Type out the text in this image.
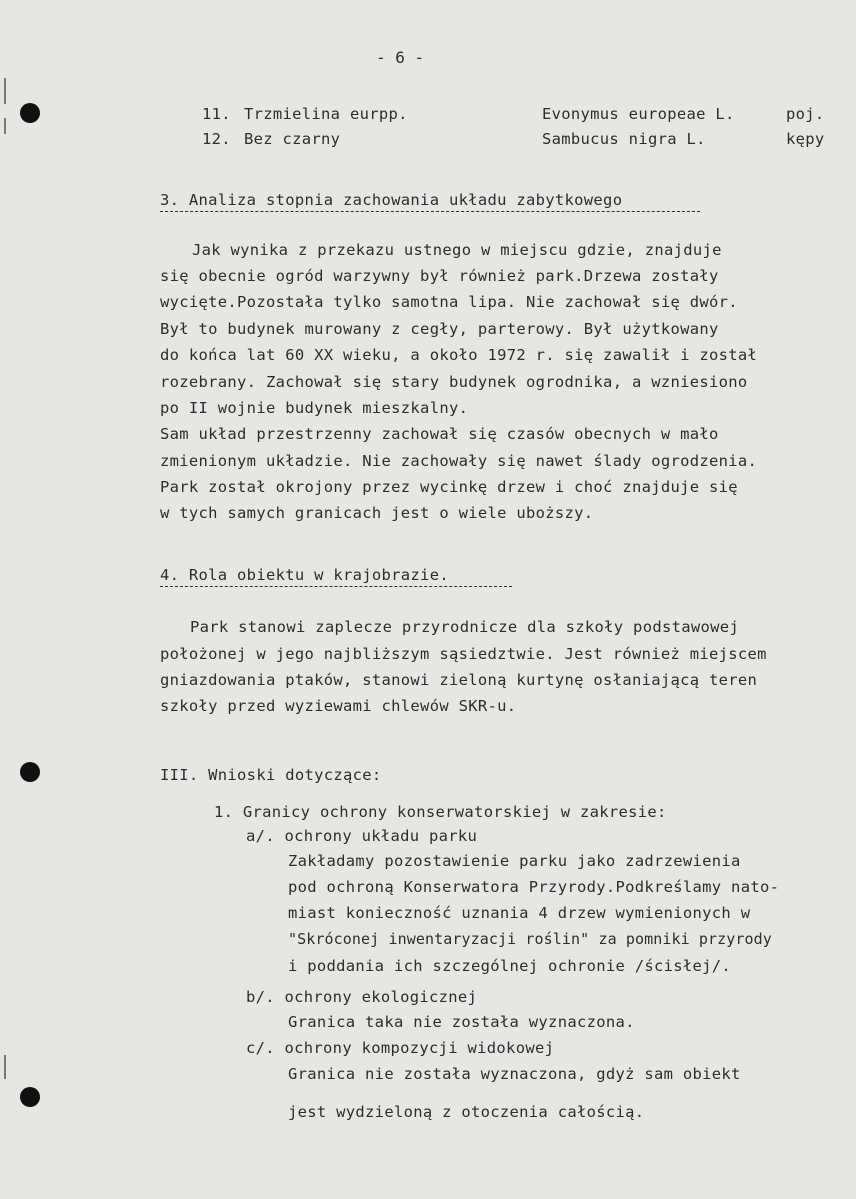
- 6 -
11. Trzmielina eurpp.	Evonymus europeae L.	poj.
12. Bez czarny	Sambucus nigra L.	kępy
3. Analiza stopnia zachowania układu zabytkowego
Jak wynika z przekazu ustnego w miejscu gdzie, znajduje
się obecnie ogród warzywny był również park.Drzewa zostały
wycięte.Pozostała tylko samotna lipa. Nie zachował się dwór.
Był to budynek murowany z cegły, parterowy. Był użytkowany
do końca lat 60 XX wieku, a około 1972 r. się zawalił i został
rozebrany. Zachował się stary budynek ogrodnika, a wzniesiono
po II wojnie budynek mieszkalny.
Sam układ przestrzenny zachował się czasów obecnych w mało
zmienionym układzie. Nie zachowały się nawet ślady ogrodzenia.
Park został okrojony przez wycinkę drzew i choć znajduje się
w tych samych granicach jest o wiele uboższy.
4. Rola obiektu w krajobrazie.
Park stanowi zaplecze przyrodnicze dla szkoły podstawowej
położonej w jego najbliższym sąsiedztwie. Jest również miejscem
gniazdowania ptaków, stanowi zieloną kurtynę osłaniającą teren
szkoły przed wyziewami chlewów SKR-u.
III. Wnioski dotyczące:
1. Granicy ochrony konserwatorskiej w zakresie:
a/. ochrony układu parku
Zakładamy pozostawienie parku jako zadrzewienia
pod ochroną Konserwatora Przyrody.Podkreślamy nato-
miast konieczność uznania 4 drzew wymienionych w
"Skróconej inwentaryzacji roślin" za pomniki przyrody
i poddania ich szczególnej ochronie /ścisłej/.
b/. ochrony ekologicznej
Granica taka nie została wyznaczona.
c/. ochrony kompozycji widokowej
Granica nie została wyznaczona, gdyż sam obiekt
jest wydzieloną z otoczenia całością.
